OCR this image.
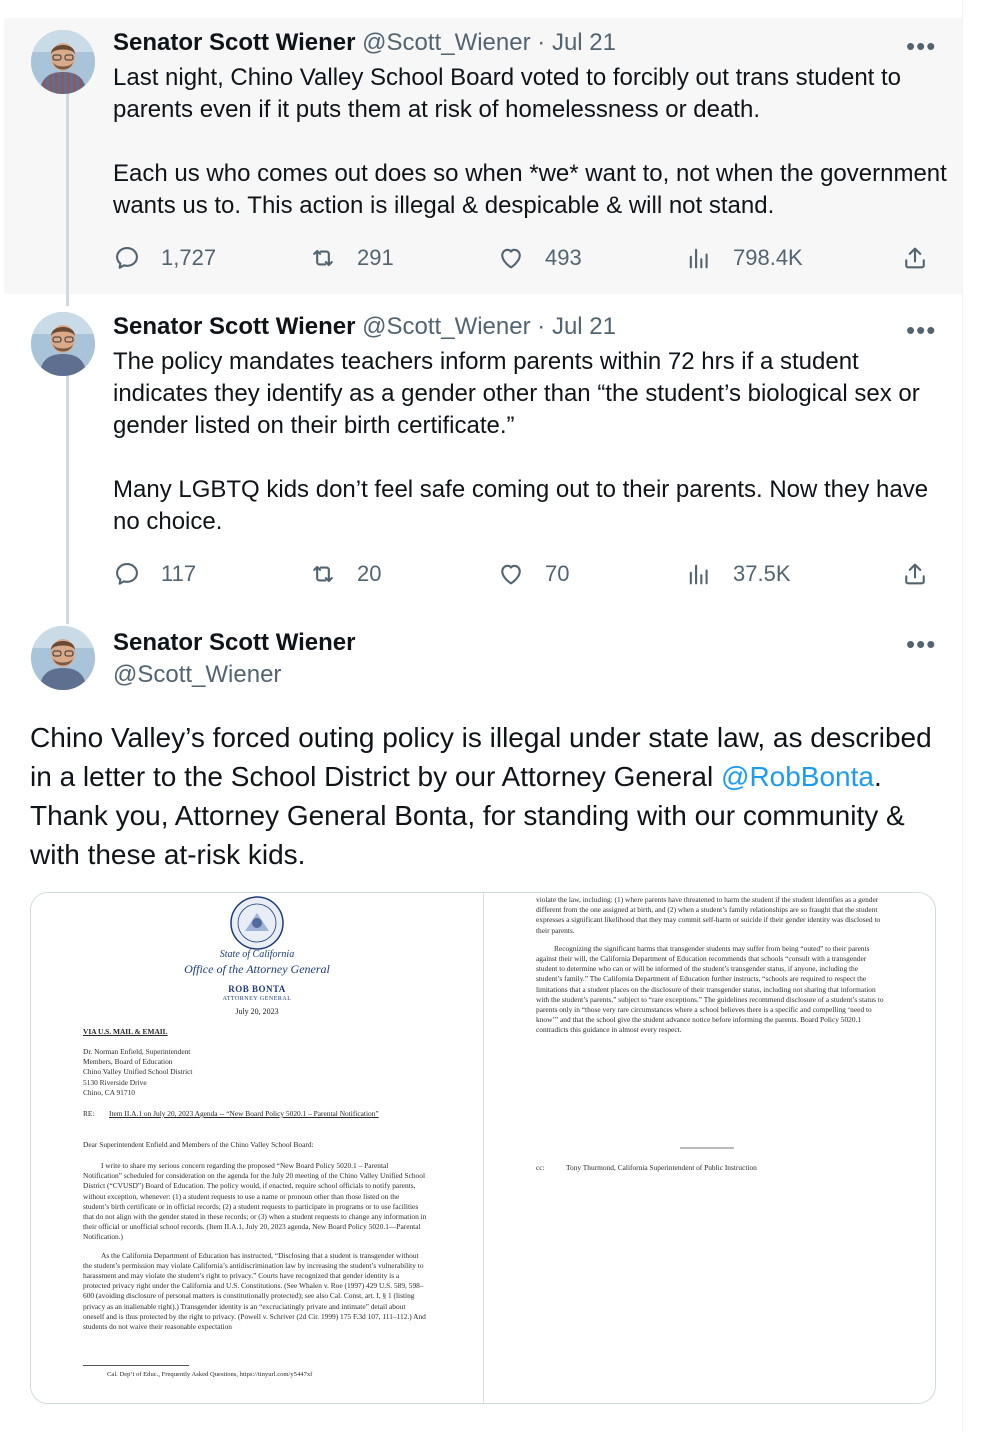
Senator Scott Wiener @Scott_Wiener · Jul 21	•••

Last night, Chino Valley School Board voted to forcibly out trans student to parents even if it puts them at risk of homelessness or death.

Each us who comes out does so when *we* want to, not when the government wants us to. This action is illegal & despicable & will not stand.

1,727	291	493	798.4K
Senator Scott Wiener @Scott_Wiener · Jul 21	•••

The policy mandates teachers inform parents within 72 hrs if a student indicates they identify as a gender other than “the student’s biological sex or gender listed on their birth certificate.”

Many LGBTQ kids don’t feel safe coming out to their parents. Now they have no choice.

117	20	70	37.5K
Senator Scott Wiener
@Scott_Wiener
•••
Chino Valley’s forced outing policy is illegal under state law, as described in a letter to the School District by our Attorney General @RobBonta. Thank you, Attorney General Bonta, for standing with our community & with these at-risk kids.
State of California
Office of the Attorney General
ROB BONTA
ATTORNEY GENERAL
July 20, 2023
VIA U.S. MAIL & EMAIL
Dr. Norman Enfield, Superintendent
Members, Board of Education
Chino Valley Unified School District
5130 Riverside Drive
Chino, CA 91710
RE:	Item II.A.1 on July 20, 2023 Agenda -- “New Board Policy 5020.1 – Parental Notification”
Dear Superintendent Enfield and Members of the Chino Valley School Board:

I write to share my serious concern regarding the proposed “New Board Policy 5020.1 – Parental Notification” scheduled for consideration on the agenda for the July 20 meeting of the Chino Valley Unified School District (“CVUSD”) Board of Education. The policy would, if enacted, require school officials to notify parents, without exception, whenever: (1) a student requests to use a name or pronoun other than those listed on the student’s birth certificate or in official records; (2) a student requests to participate in programs or to use facilities that do not align with the gender stated in these records; or (3) when a student requests to change any information in their official or unofficial school records. (Item II.A.1, July 20, 2023 agenda, New Board Policy 5020.1—Parental Notification.)

As the California Department of Education has instructed, “Disclosing that a student is transgender without the student’s permission may violate California’s antidiscrimination law by increasing the student’s vulnerability to harassment and may violate the student’s right to privacy.” Courts have recognized that gender identity is a protected privacy right under the California and U.S. Constitutions. (See Whalen v. Roe (1997) 429 U.S. 589, 598–600 (avoiding disclosure of personal matters is constitutionally protected); see also Cal. Const, art. I, § 1 (listing privacy as an inalienable right).) Transgender identity is an “excruciatingly private and intimate” detail about oneself and is thus protected by the right to privacy. (Powell v. Schriver (2d Cir. 1999) 175 F.3d 107, 111–112.) And students do not waive their reasonable expectation

Cal. Dep’t of Educ., Frequently Asked Questions, https://tinyurl.com/y5447xf

violate the law, including: (1) where parents have threatened to harm the student if the student identifies as a gender different from the one assigned at birth, and (2) when a student’s family relationships are so fraught that the student expresses a significant likelihood that they may commit self-harm or suicide if their gender identity was disclosed to their parents.

Recognizing the significant harms that transgender students may suffer from being “outed” to their parents against their will, the California Department of Education recommends that schools “consult with a transgender student to determine who can or will be informed of the student’s transgender status, if anyone, including the student’s family.” The California Department of Education further instructs, “schools are required to respect the limitations that a student places on the disclosure of their transgender status, including not sharing that information with the student’s parents,” subject to “rare exceptions.” The guidelines recommend disclosure of a student’s status to parents only in “those very rare circumstances where a school believes there is a specific and compelling ‘need to know’” and that the school give the student advance notice before informing the parents. Board Policy 5020.1 contradicts this guidance in almost every respect.

cc:	Tony Thurmond, California Superintendent of Public Instruction
